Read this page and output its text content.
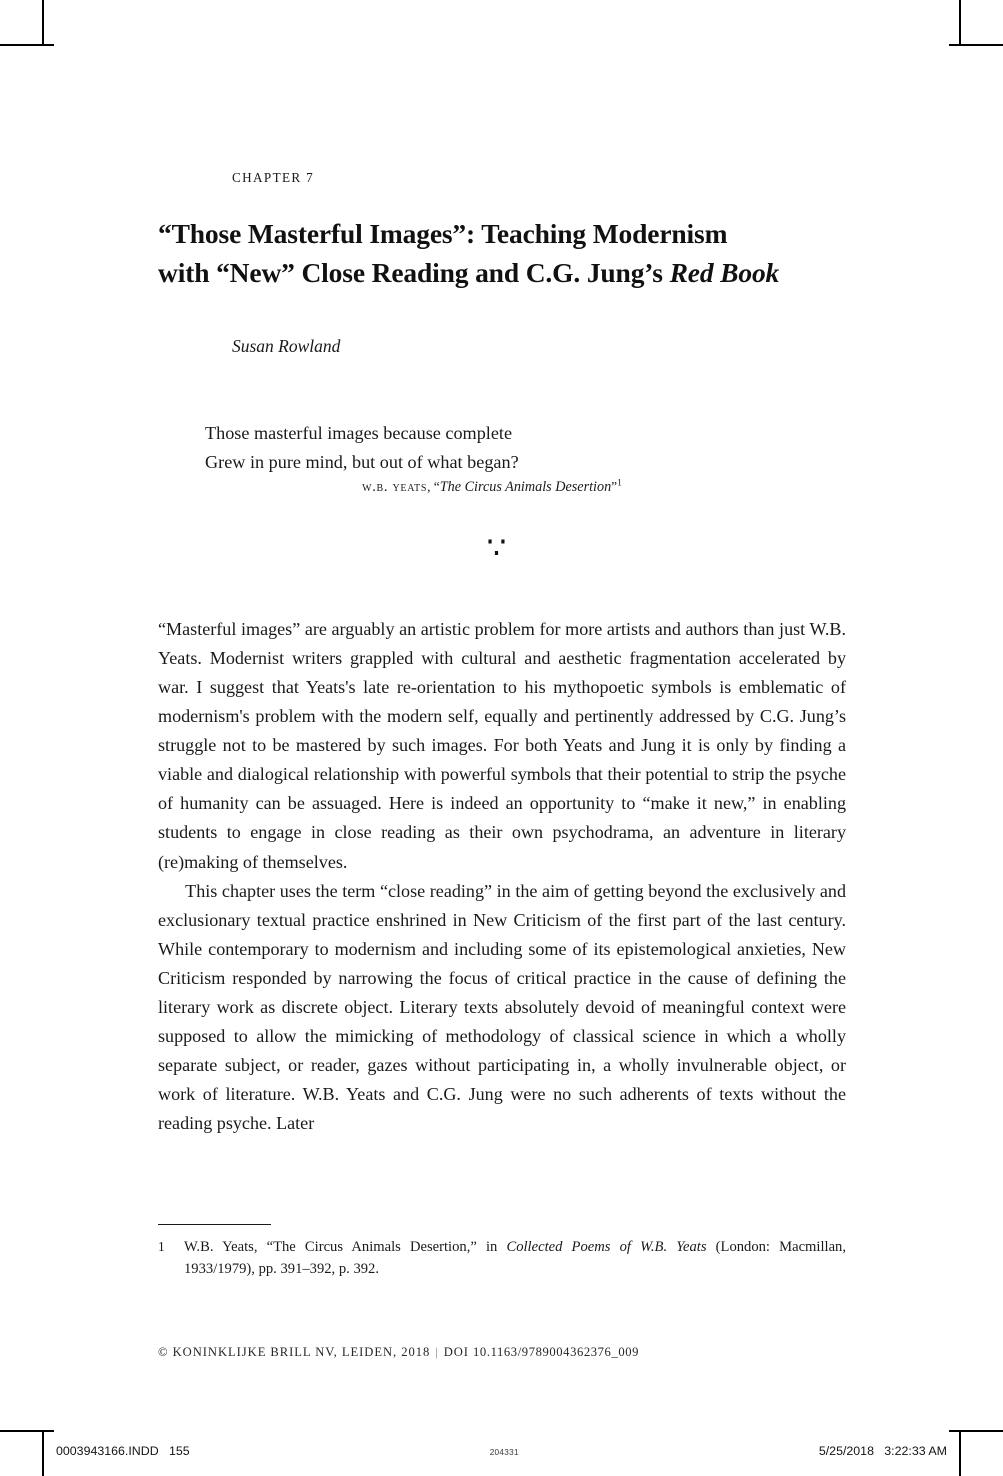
CHAPTER 7
“Those Masterful Images”: Teaching Modernism
with “New” Close Reading and C.G. Jung’s Red Book
Susan Rowland
Those masterful images because complete
Grew in pure mind, but out of what began?
w.b. yeats, “The Circus Animals Desertion”$^1$
∵

“Masterful images” are arguably an artistic problem for more artists and authors than just W.B. Yeats. Modernist writers grappled with cultural and aesthetic fragmentation accelerated by war. I suggest that Yeats's late re-orientation to his mythopoetic symbols is emblematic of modernism's problem with the modern self, equally and pertinently addressed by C.G. Jung’s struggle not to be mastered by such images. For both Yeats and Jung it is only by finding a viable and dialogical relationship with powerful symbols that their potential to strip the psyche of humanity can be assuaged. Here is indeed an opportunity to “make it new,” in enabling students to engage in close reading as their own psychodrama, an adventure in literary (re)making of themselves.

This chapter uses the term “close reading” in the aim of getting beyond the exclusively and exclusionary textual practice enshrined in New Criticism of the first part of the last century. While contemporary to modernism and including some of its epistemological anxieties, New Criticism responded by narrowing the focus of critical practice in the cause of defining the literary work as discrete object. Literary texts absolutely devoid of meaningful context were supposed to allow the mimicking of methodology of classical science in which a wholly separate subject, or reader, gazes without participating in, a wholly invulnerable object, or work of literature. W.B. Yeats and C.G. Jung were no such adherents of texts without the reading psyche. Later

1	W.B. Yeats, “The Circus Animals Desertion,” in Collected Poems of W.B. Yeats (London: Macmillan, 1933/1979), pp. 391–392, p. 392.
© KONINKLIJKE BRILL NV, LEIDEN, 2018 | DOI 10.1163/9789004362376_009
0003943166.INDD   155	204331	5/25/2018   3:22:33 AM
